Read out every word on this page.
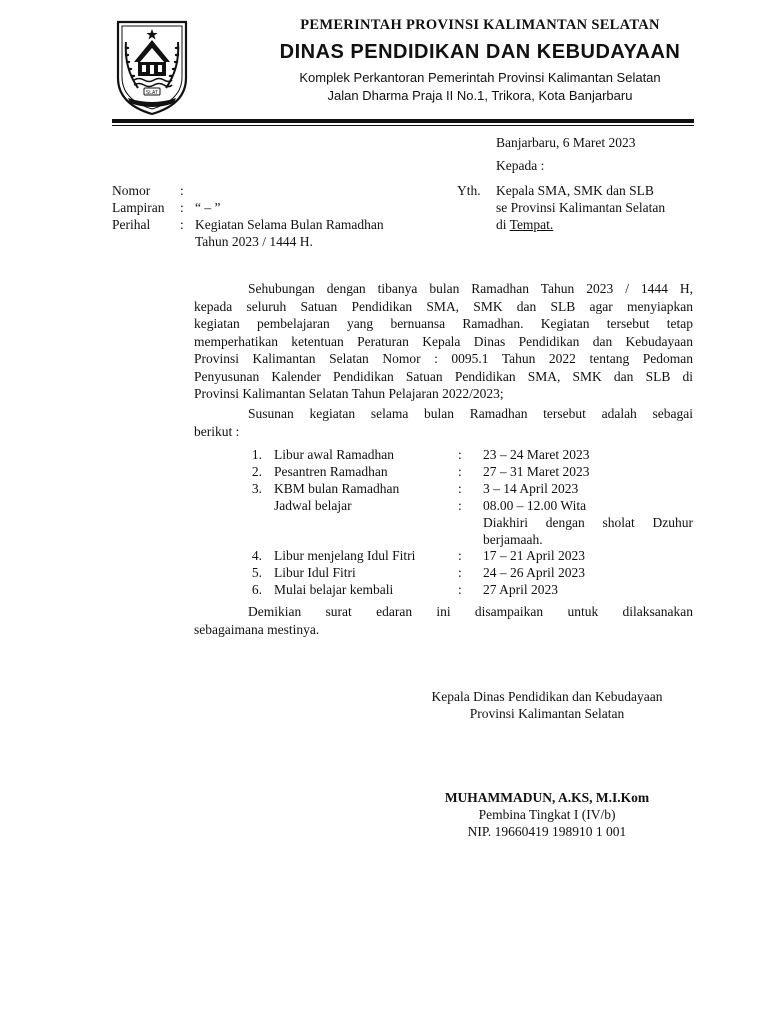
SLAT
PEMERINTAH PROVINSI KALIMANTAN SELATAN
DINAS PENDIDIKAN DAN KEBUDAYAAN
Komplek Perkantoran Pemerintah Provinsi Kalimantan Selatan
Jalan Dharma Praja II No.1, Trikora, Kota Banjarbaru
Banjarbaru, 6 Maret 2023
Kepada :
Nomor :
Lampiran : “ – ”
Perihal : Kegiatan Selama Bulan Ramadhan
Tahun 2023 / 1444 H.
Yth. Kepala SMA, SMK dan SLB
se Provinsi Kalimantan Selatan
di Tempat.
Sehubungan dengan tibanya bulan Ramadhan Tahun 2023 / 1444 H,
kepada seluruh Satuan Pendidikan SMA, SMK dan SLB agar menyiapkan
kegiatan pembelajaran yang bernuansa Ramadhan. Kegiatan tersebut tetap
memperhatikan ketentuan Peraturan Kepala Dinas Pendidikan dan Kebudayaan
Provinsi Kalimantan Selatan Nomor : 0095.1 Tahun 2022 tentang Pedoman
Penyusunan Kalender Pendidikan Satuan Pendidikan SMA, SMK dan SLB di
Provinsi Kalimantan Selatan Tahun Pelajaran 2022/2023;
Susunan kegiatan selama bulan Ramadhan tersebut adalah sebagai
berikut :
1. Libur awal Ramadhan	: 23 – 24 Maret 2023
2. Pesantren Ramadhan	: 27 – 31 Maret 2023
3. KBM bulan Ramadhan	: 3 – 14 April 2023
Jadwal belajar	: 08.00 – 12.00 Wita
Diakhiri dengan sholat Dzuhur
berjamaah.
4. Libur menjelang Idul Fitri	: 17 – 21 April 2023
5. Libur Idul Fitri	: 24 – 26 April 2023
6. Mulai belajar kembali	: 27 April 2023
Demikian surat edaran ini disampaikan untuk dilaksanakan
sebagaimana mestinya.
Kepala Dinas Pendidikan dan Kebudayaan
Provinsi Kalimantan Selatan
MUHAMMADUN, A.KS, M.I.Kom
Pembina Tingkat I (IV/b)
NIP. 19660419 198910 1 001
